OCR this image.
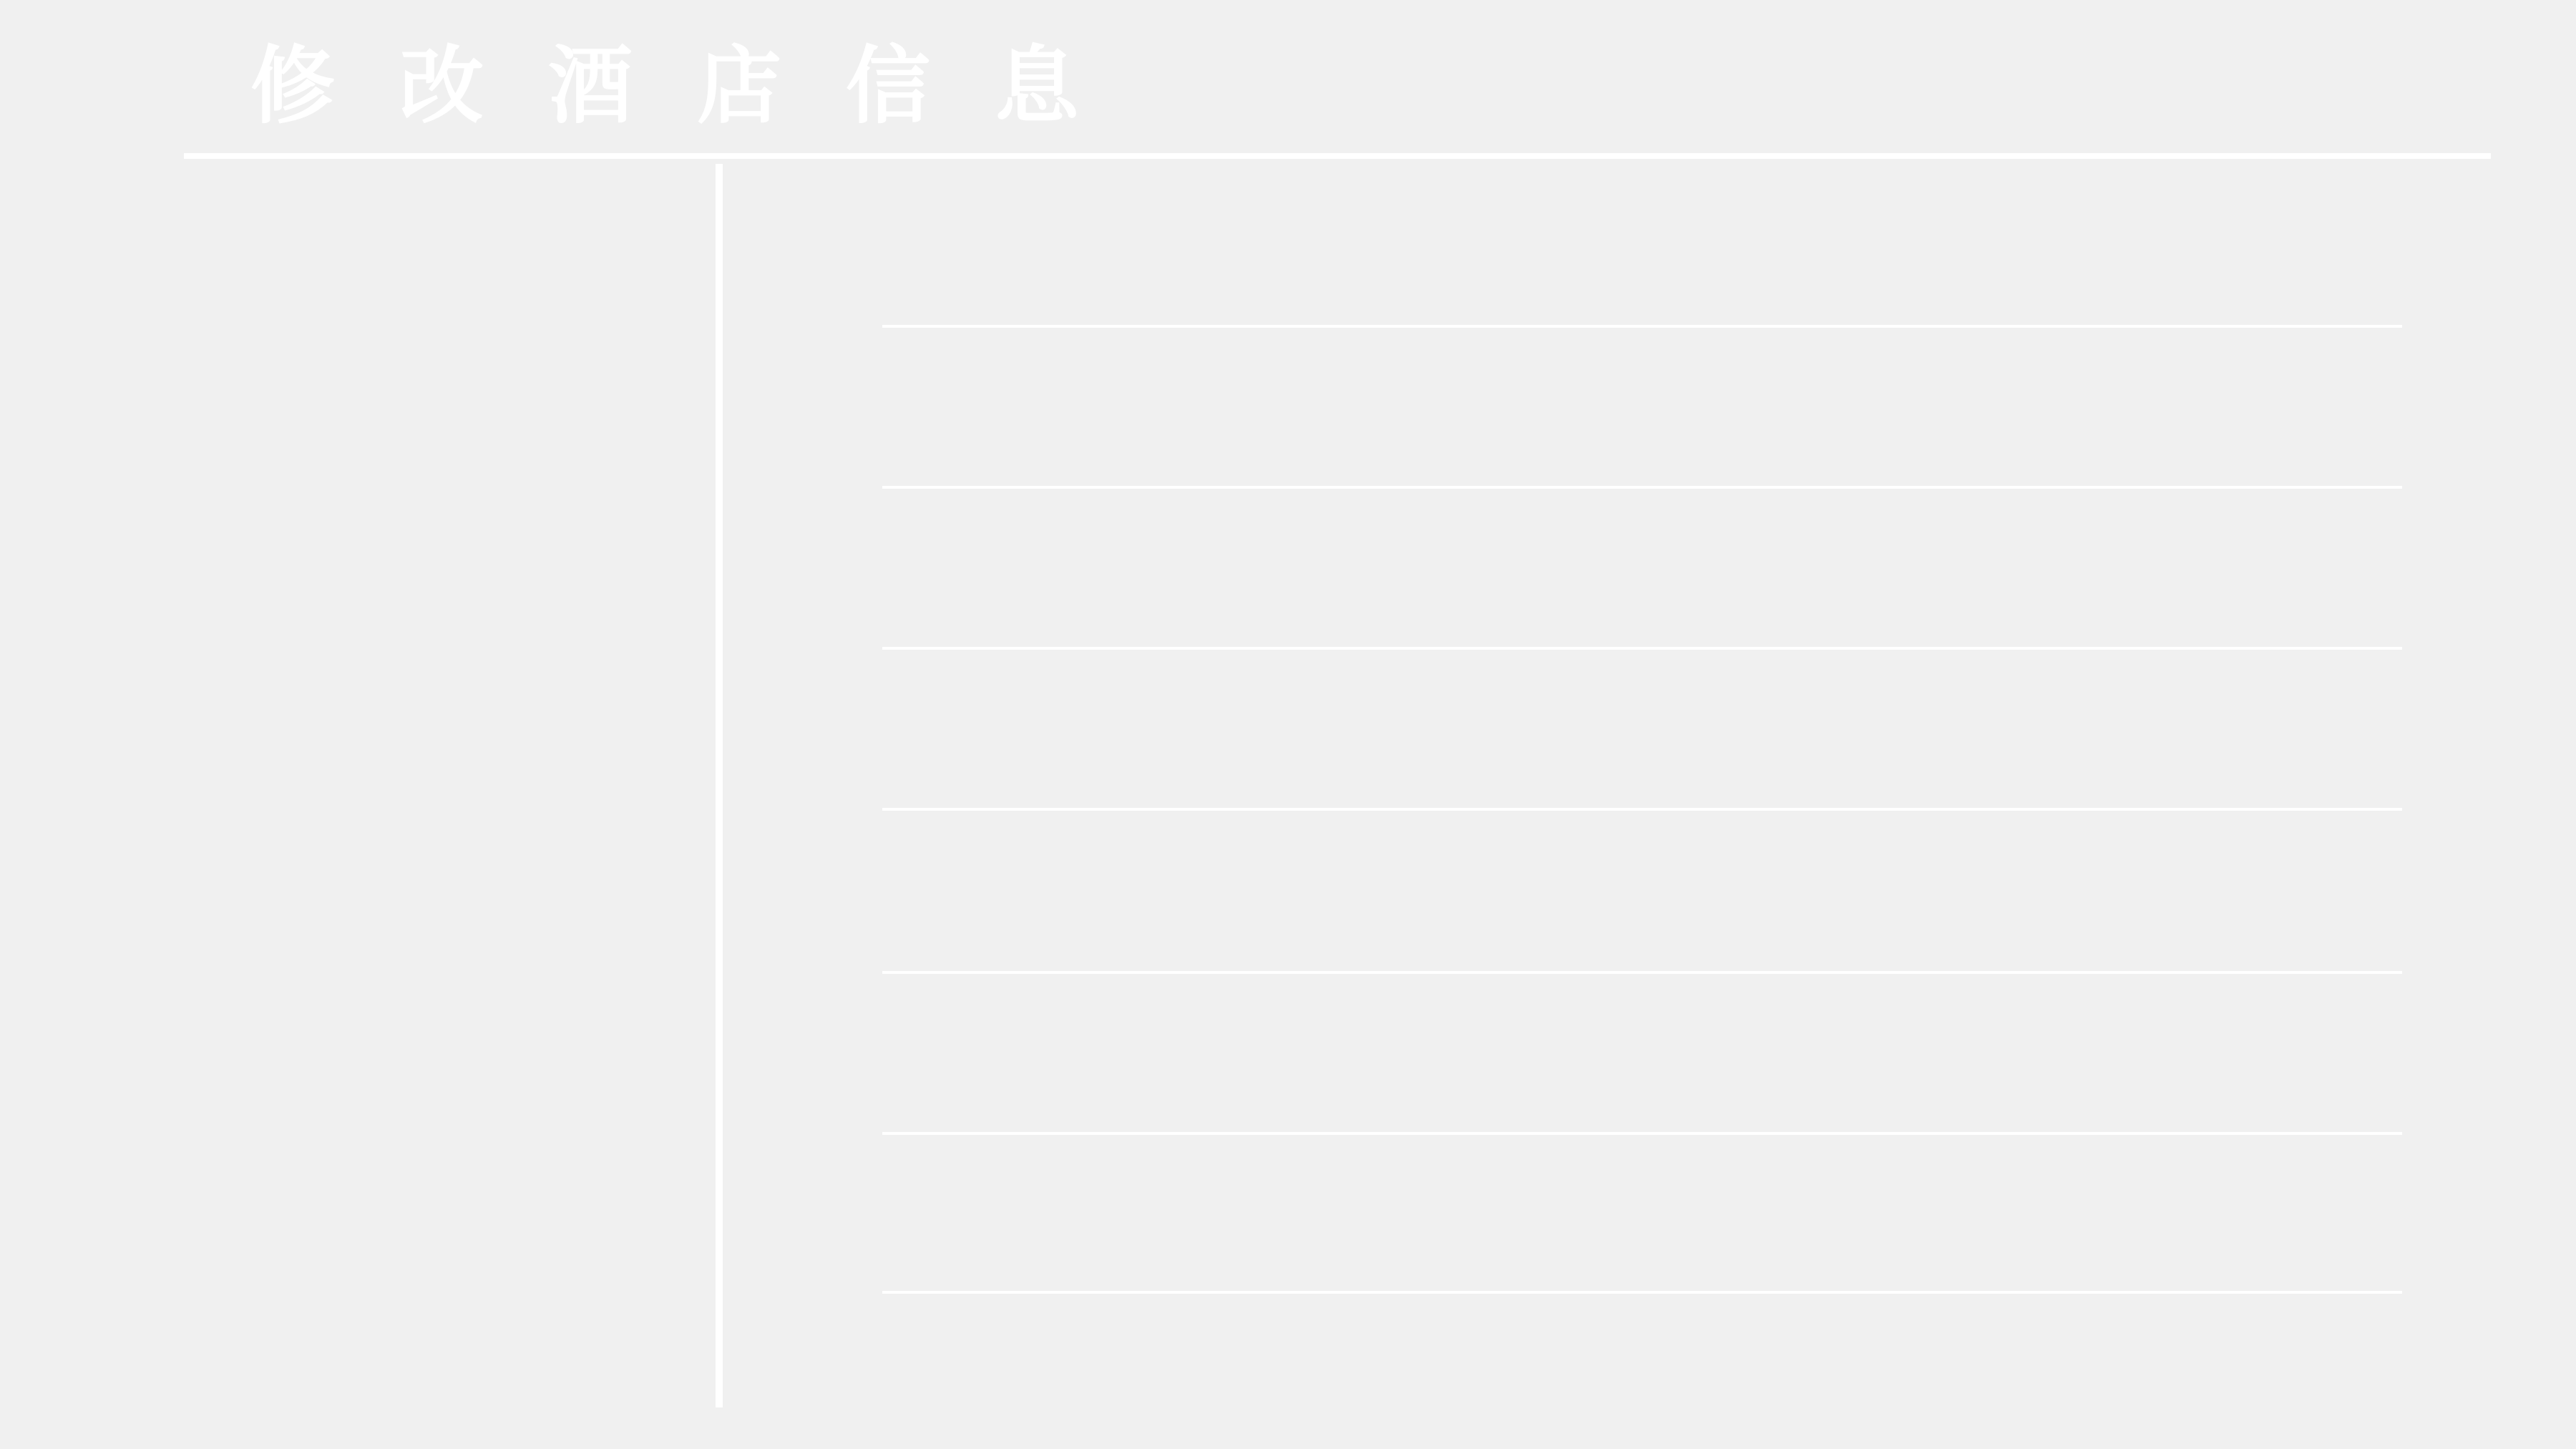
修改酒店信息
